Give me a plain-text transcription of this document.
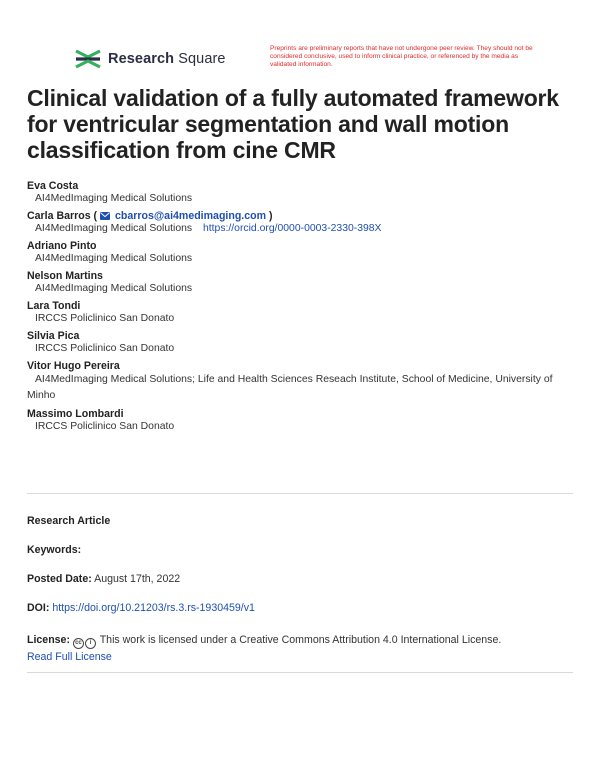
Research Square
Preprints are preliminary reports that have not undergone peer review. They should not be considered conclusive, used to inform clinical practice, or referenced by the media as validated information.
Clinical validation of a fully automated framework for ventricular segmentation and wall motion classification from cine CMR
Eva Costa
AI4MedImaging Medical Solutions
Carla Barros ( cbarros@ai4medimaging.com )
AI4MedImaging Medical Solutions https://orcid.org/0000-0003-2330-398X
Adriano Pinto
AI4MedImaging Medical Solutions
Nelson Martins
AI4MedImaging Medical Solutions
Lara Tondi
IRCCS Policlinico San Donato
Silvia Pica
IRCCS Policlinico San Donato
Vitor Hugo Pereira
AI4MedImaging Medical Solutions; Life and Health Sciences Reseach Institute, School of Medicine, University of Minho
Massimo Lombardi
IRCCS Policlinico San Donato
Research Article
Keywords:
Posted Date: August 17th, 2022
DOI: https://doi.org/10.21203/rs.3.rs-1930459/v1
License: cc i This work is licensed under a Creative Commons Attribution 4.0 International License.
Read Full License
